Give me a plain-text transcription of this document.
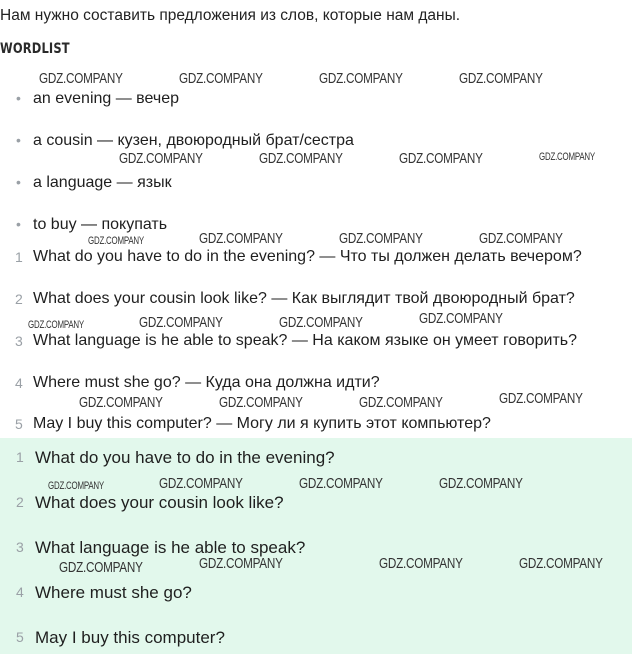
Нам нужно составить предложения из слов, которые нам даны.
WORDLIST
GDZ.COMPANY	GDZ.COMPANY	GDZ.COMPANY	GDZ.COMPANY
GDZ.COMPANY	GDZ.COMPANY	GDZ.COMPANY	GDZ.COMPANY
GDZ.COMPANY	GDZ.COMPANY	GDZ.COMPANY	GDZ.COMPANY
GDZ.COMPANY	GDZ.COMPANY	GDZ.COMPANY	GDZ.COMPANY
GDZ.COMPANY	GDZ.COMPANY	GDZ.COMPANY	GDZ.COMPANY
• an evening — вечер
• a cousin — кузен, двоюродный брат/сестра
• a language — язык
• to buy — покупать
1 What do you have to do in the evening? — Что ты должен делать вечером?
2 What does your cousin look like? — Как выглядит твой двоюродный брат?
3 What language is he able to speak? — На каком языке он умеет говорить?
4 Where must she go? — Куда она должна идти?
5 May I buy this computer? — Могу ли я купить этот компьютер?
1 What do you have to do in the evening?
2 What does your cousin look like?
3 What language is he able to speak?
4 Where must she go?
5 May I buy this computer?
GDZ.COMPANY	GDZ.COMPANY	GDZ.COMPANY	GDZ.COMPANY
GDZ.COMPANY	GDZ.COMPANY	GDZ.COMPANY	GDZ.COMPANY
